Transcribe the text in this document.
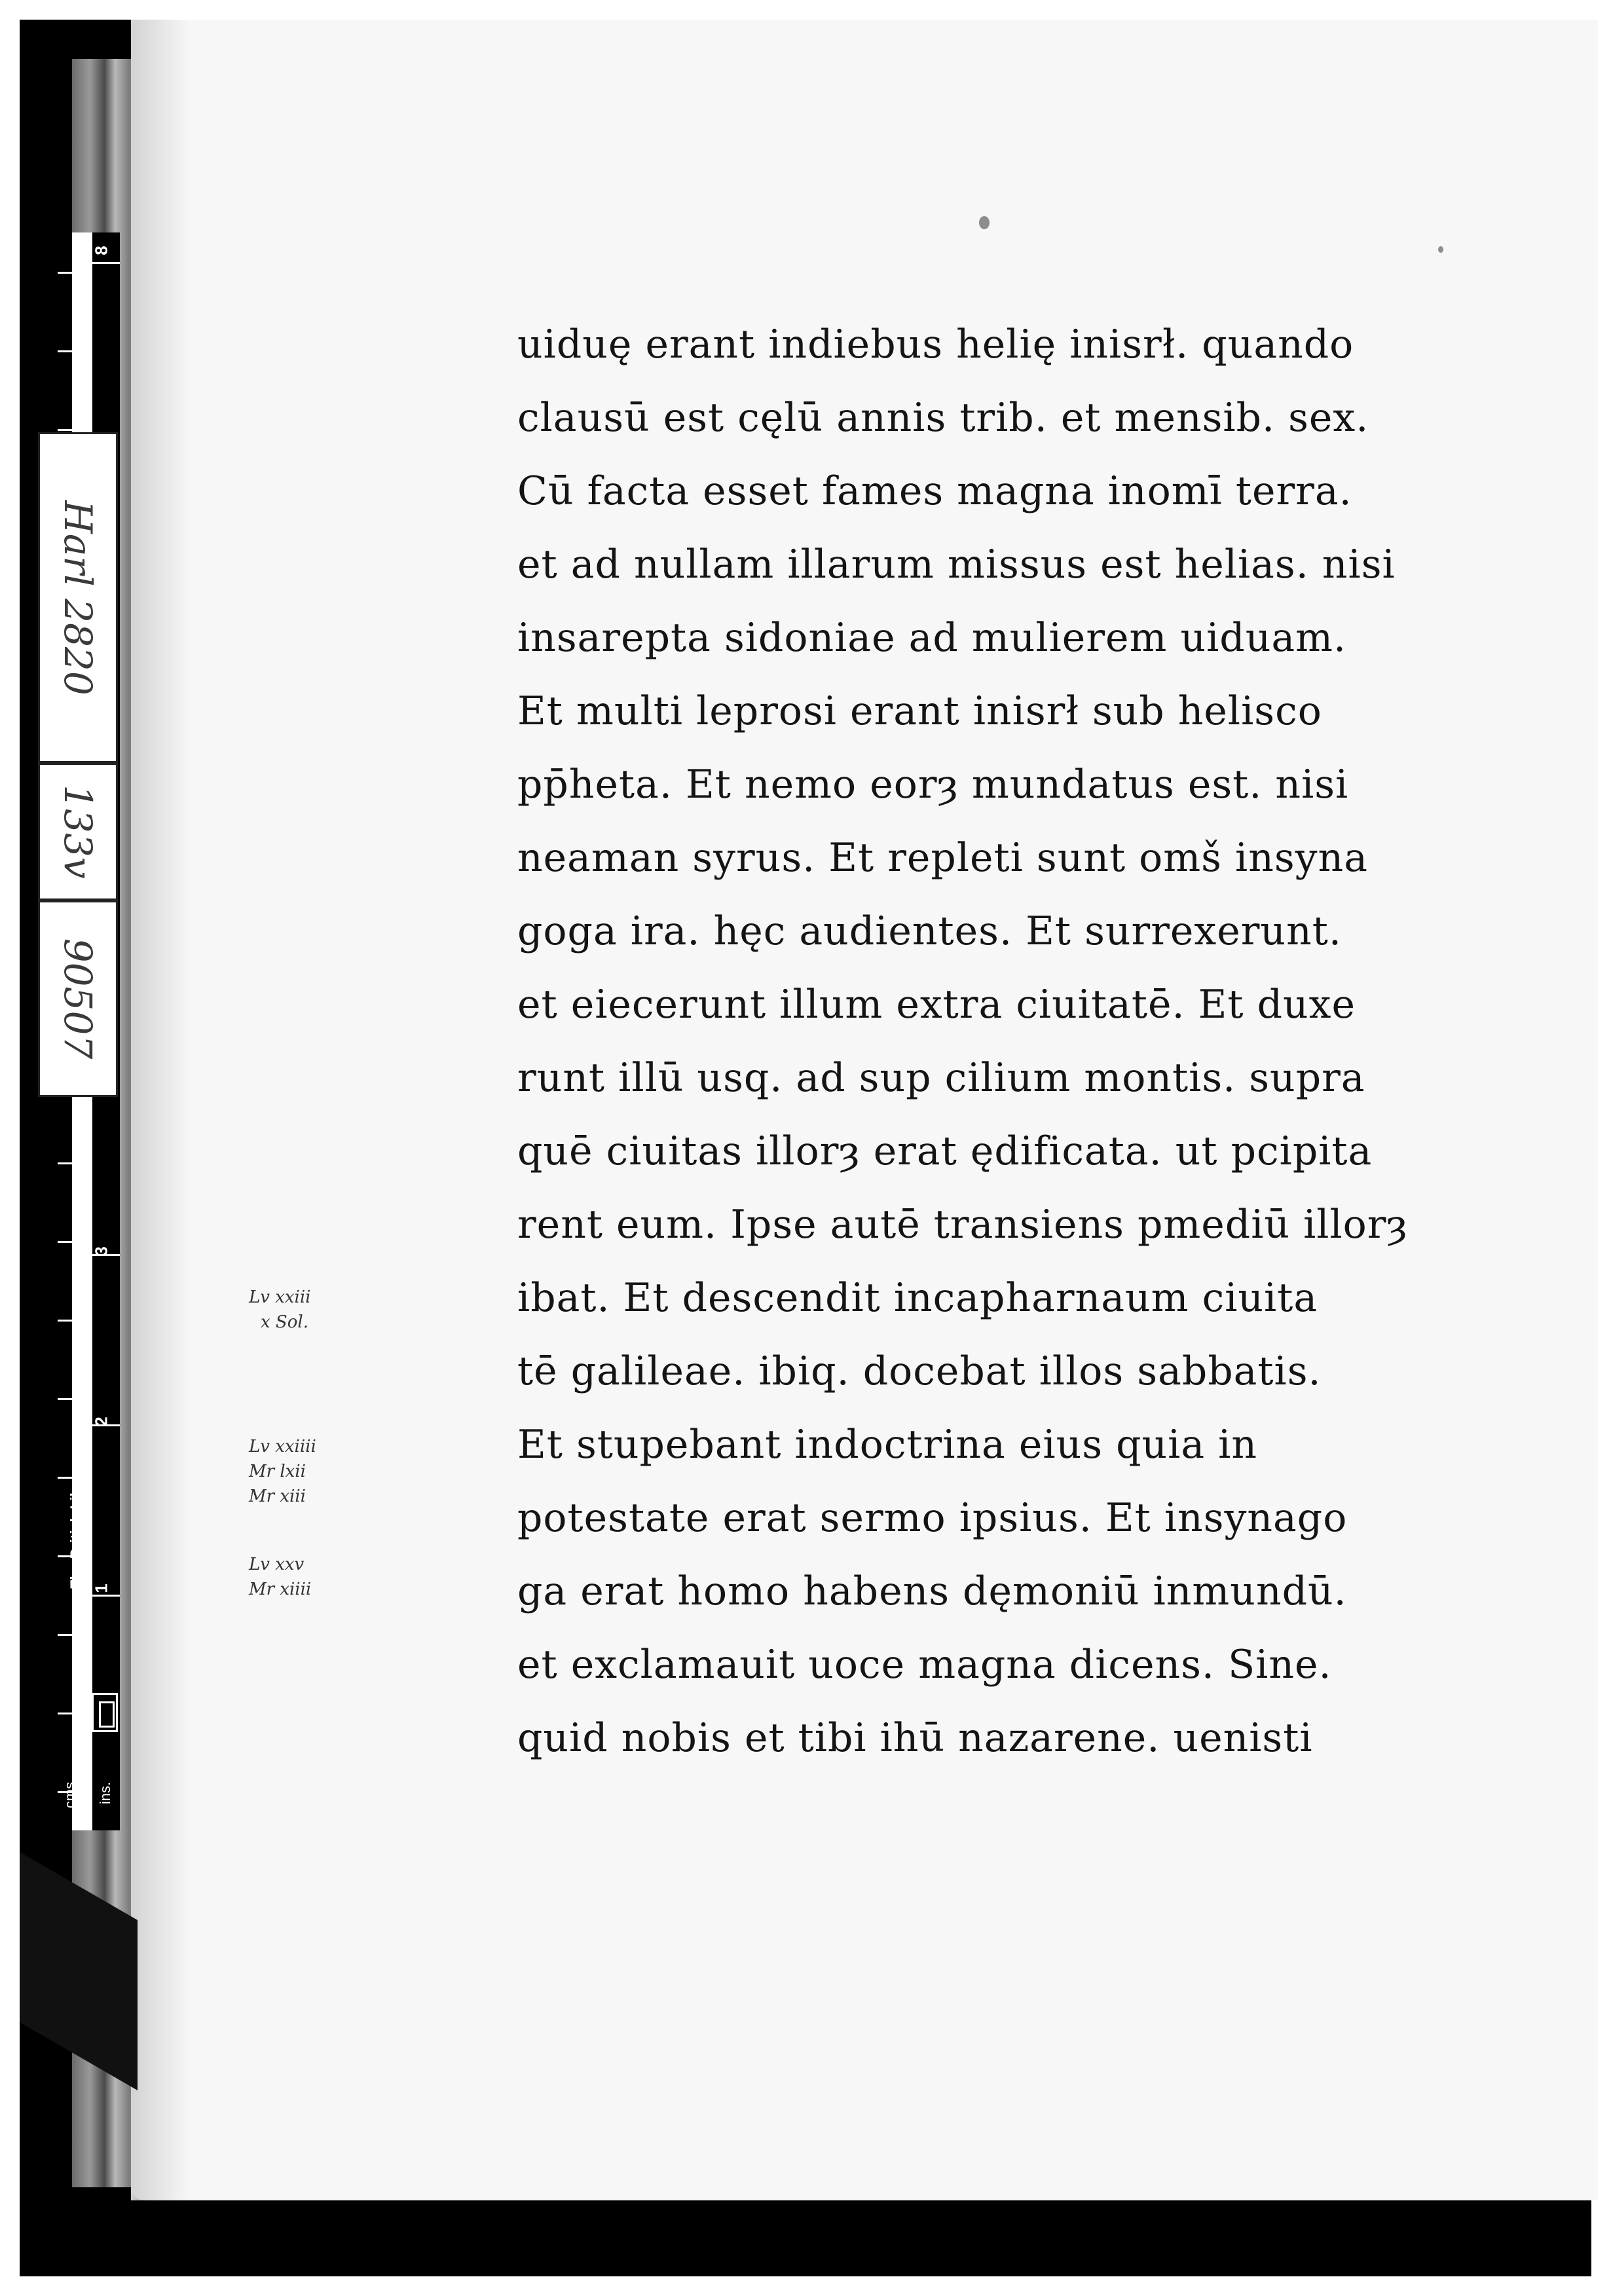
8
3
2
1
The British Library
cms. ins.
Harl 2820
133v
90507
Lv xxiii
x Sol.
Lv xxiiii
Mr lxii
Mr xiii
Lv xxv
Mr xiiii
uiduę erant indiebus helię inisrł. quando
clausū est cęlū annis trib. et mensib. sex.
Cū facta esset fames magna inomī terra.
et ad nullam illarum missus est helias. nisi
insarepta sidoniae ad mulierem uiduam.
Et multi leprosi erant inisrł sub helisco
pp̄heta. Et nemo eorȝ mundatus est. nisi
neaman syrus. Et repleti sunt omš insyna
goga ira. hęc audientes. Et surrexerunt.
et eiecerunt illum extra ciuitatē. Et duxe
runt illū usq. ad sup cilium montis. supra
quē ciuitas illorȝ erat ędificata. ut pcipita
rent eum. Ipse autē transiens pmediū illorȝ
ibat. Et descendit incapharnaum ciuita
tē galileae. ibiq. docebat illos sabbatis.
Et stupebant indoctrina eius quia in
potestate erat sermo ipsius. Et insynago
ga erat homo habens dęmoniū inmundū.
et exclamauit uoce magna dicens. Sine.
quid nobis et tibi ihū nazarene. uenisti
